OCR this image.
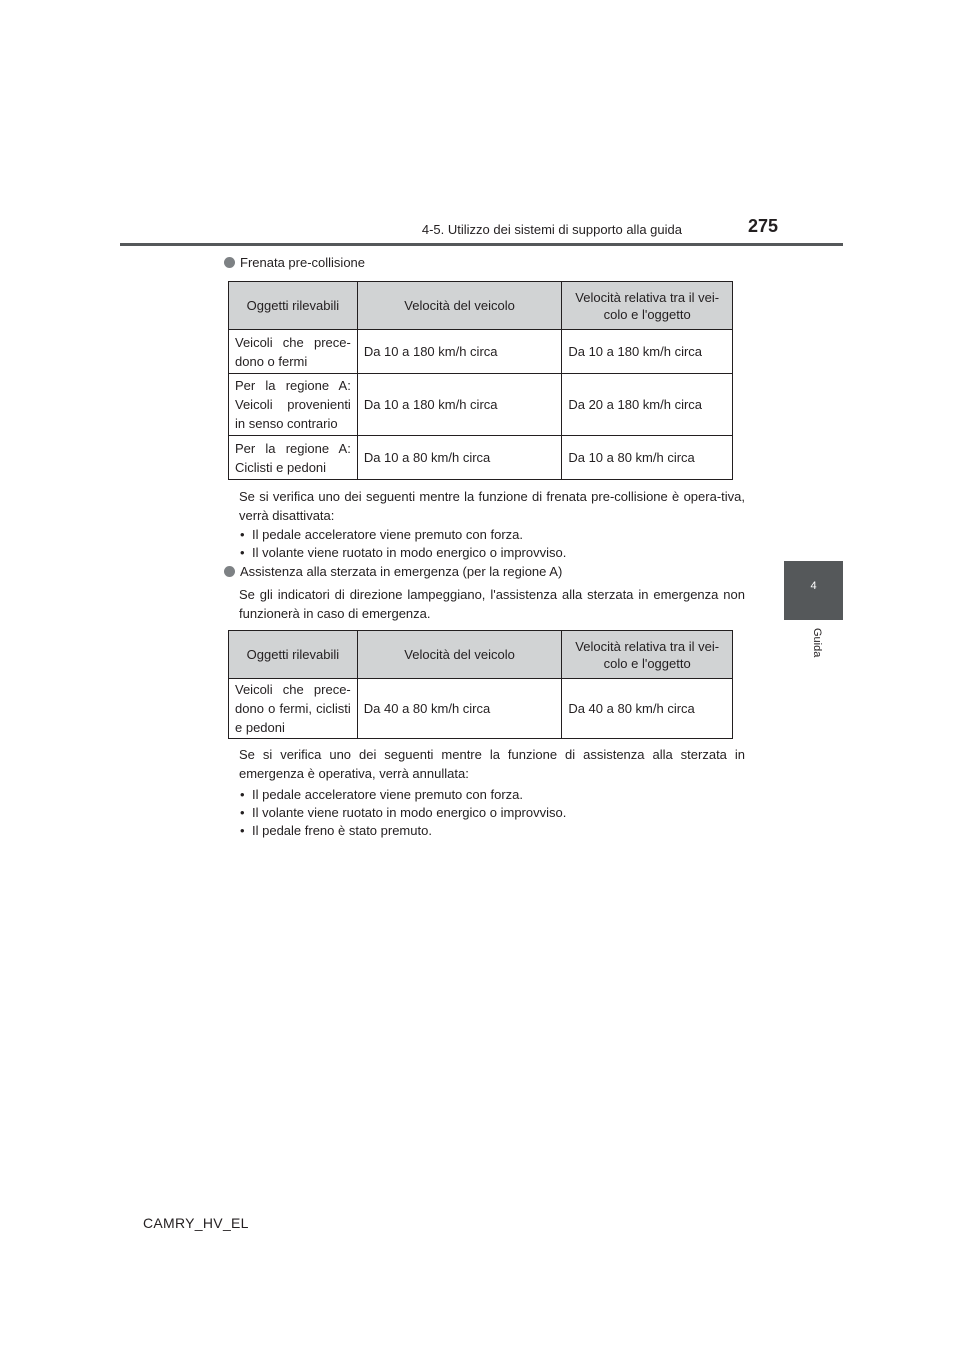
4-5. Utilizzo dei sistemi di supporto alla guida	275
4
Guida
Frenata pre-collisione
Oggetti rilevabili	Velocità del veicolo	Velocità relativa tra il vei-colo e l'oggetto
Veicoli che prece-dono o fermi	Da 10 a 180 km/h circa	Da 10 a 180 km/h circa
Per la regione A: Veicoli provenienti in senso contrario	Da 10 a 180 km/h circa	Da 20 a 180 km/h circa
Per la regione A: Ciclisti e pedoni	Da 10 a 80 km/h circa	Da 10 a 80 km/h circa

Se si verifica uno dei seguenti mentre la funzione di frenata pre-collisione è opera-tiva, verrà disattivata:

• Il pedale acceleratore viene premuto con forza.
• Il volante viene ruotato in modo energico o improvviso.
Assistenza alla sterzata in emergenza (per la regione A)

Se gli indicatori di direzione lampeggiano, l'assistenza alla sterzata in emergenza non funzionerà in caso di emergenza.

Oggetti rilevabili	Velocità del veicolo	Velocità relativa tra il vei-colo e l'oggetto
Veicoli che prece-dono o fermi, ciclisti e pedoni	Da 40 a 80 km/h circa	Da 40 a 80 km/h circa

Se si verifica uno dei seguenti mentre la funzione di assistenza alla sterzata in emergenza è operativa, verrà annullata:

• Il pedale acceleratore viene premuto con forza.
• Il volante viene ruotato in modo energico o improvviso.
• Il pedale freno è stato premuto.
CAMRY_HV_EL
